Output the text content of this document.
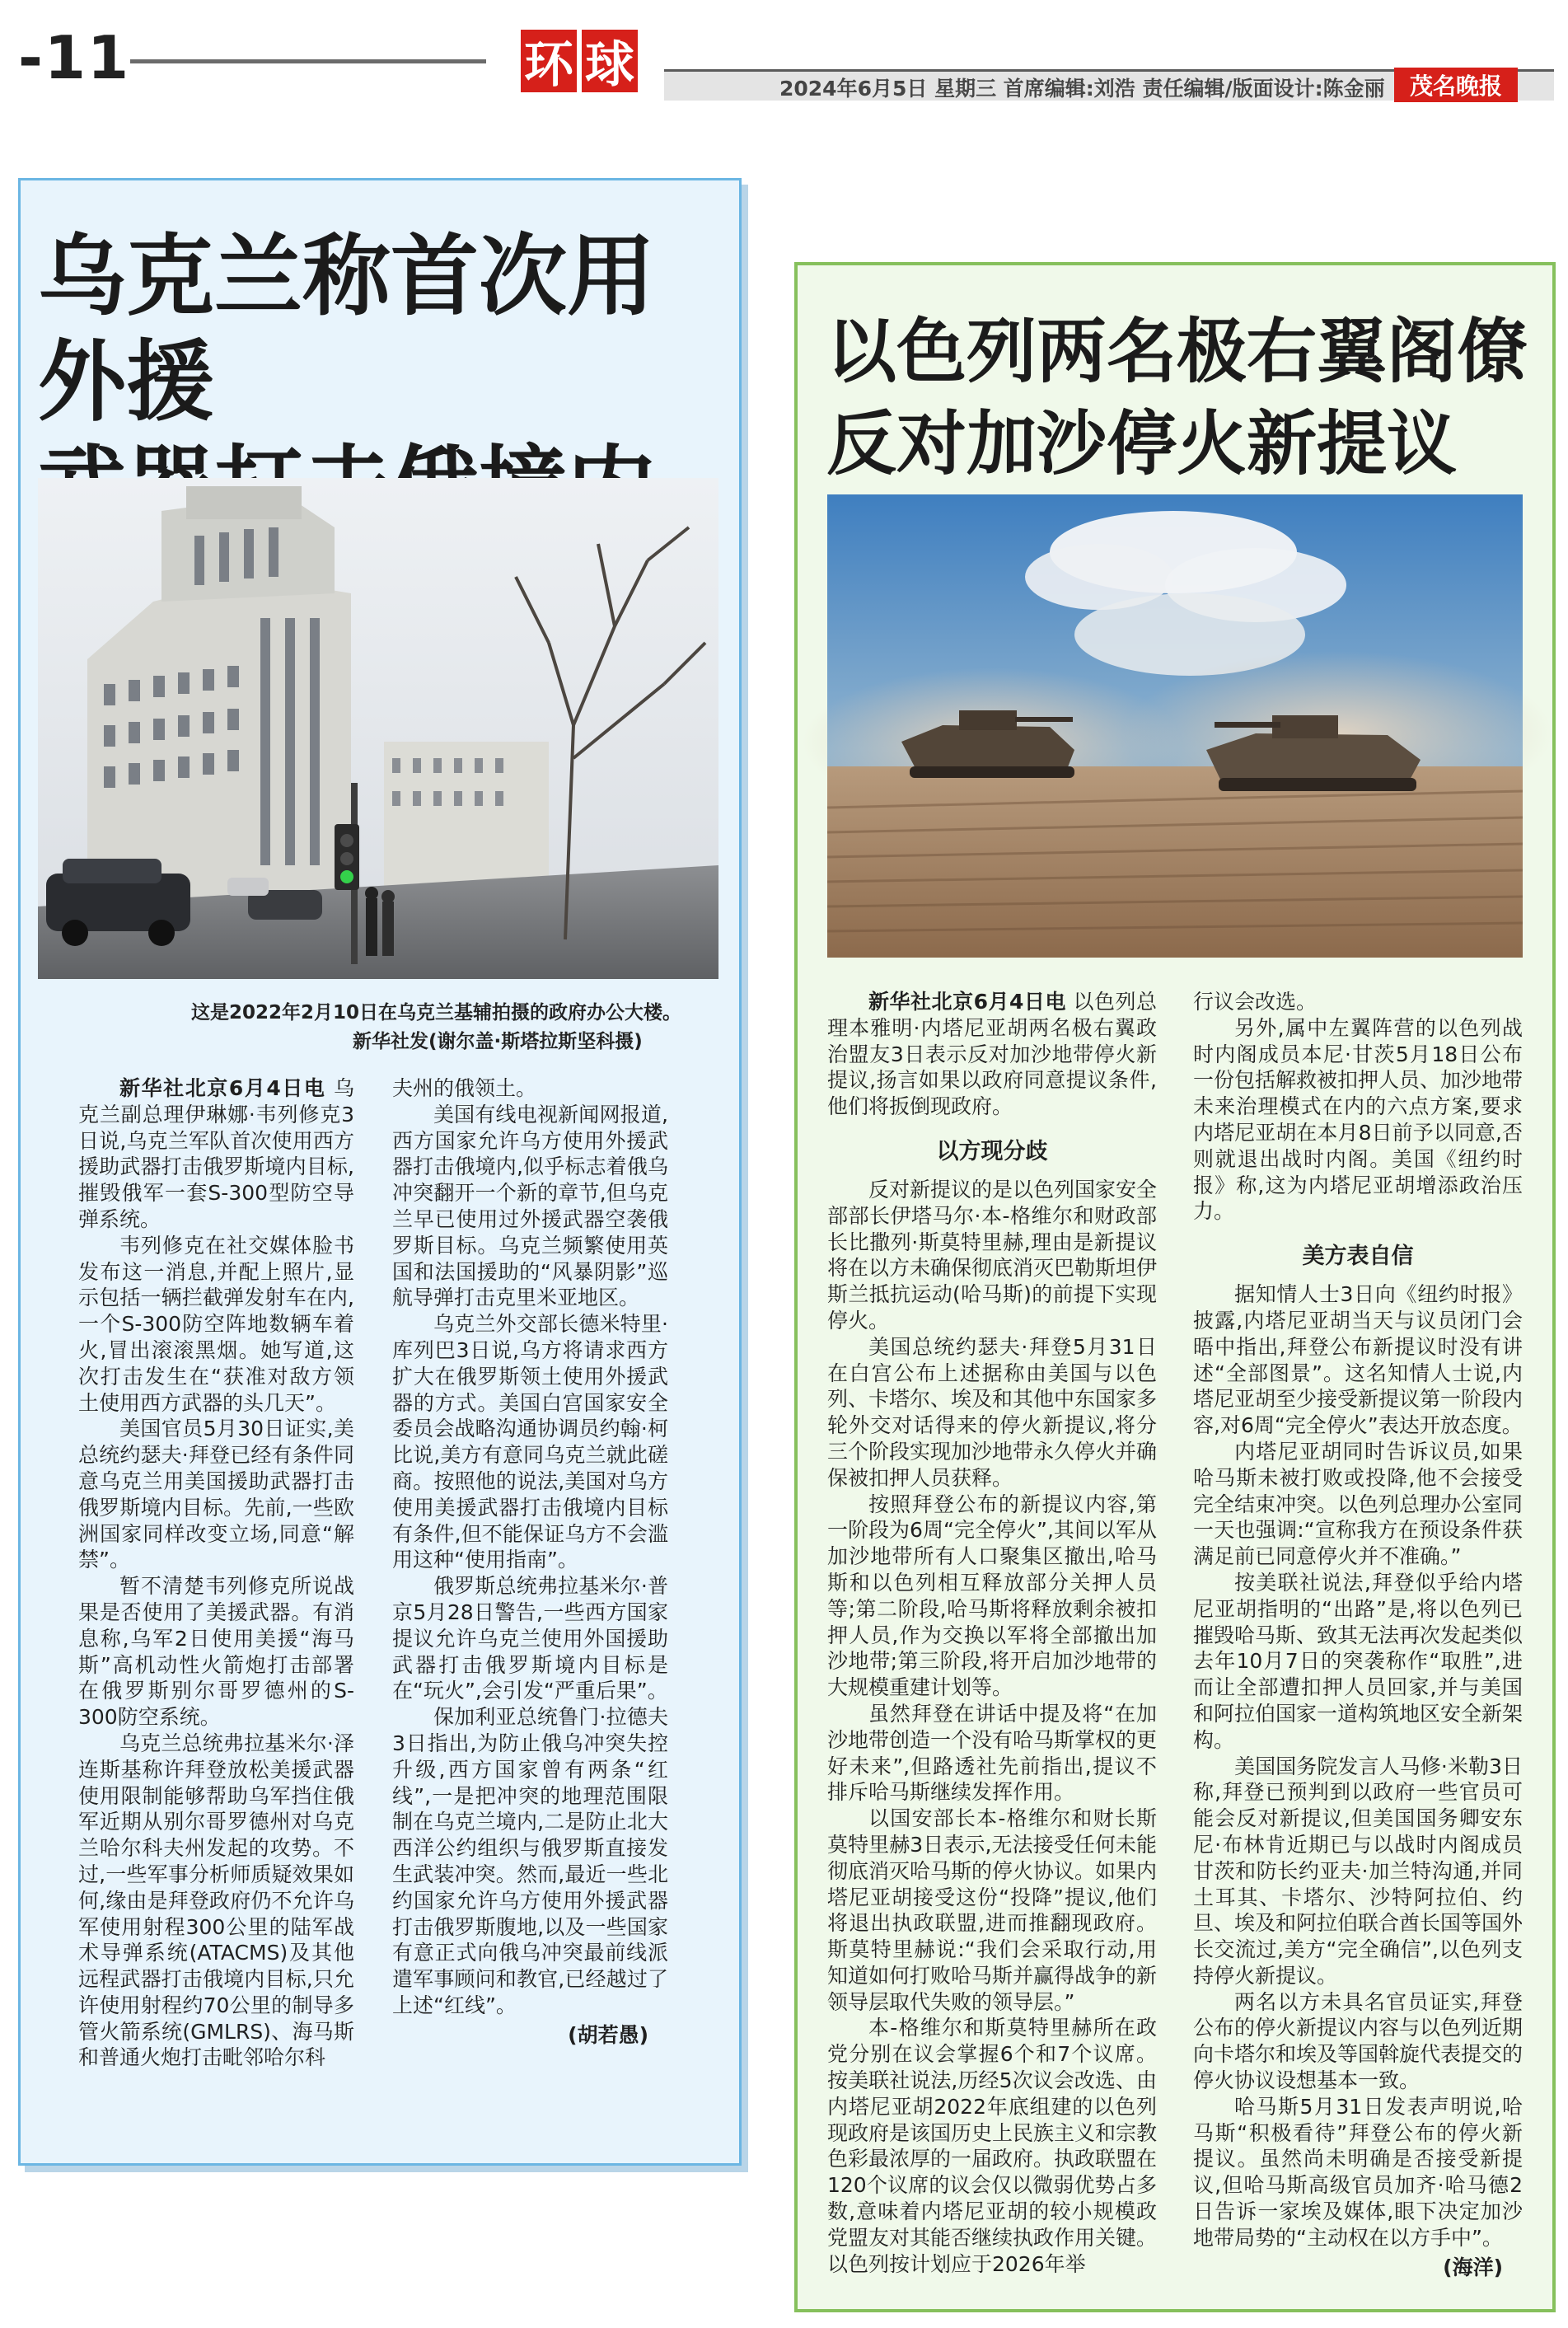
-11	环 球	2024年6月5日 星期三 首席编辑:刘浩 责任编辑/版面设计:陈金丽	茂名晚报
乌克兰称首次用外援

这是2022年2月10日在乌克兰基辅拍摄的政府办公大楼。
新华社发(谢尔盖·斯塔拉斯坚科摄)

新华社北京6月4日电 乌克兰副总理伊琳娜·韦列修克3日说,乌克兰军队首次使用西方援助武器打击俄罗斯境内目标,摧毁俄军一套S-300型防空导弹系统。

韦列修克在社交媒体脸书发布这一消息,并配上照片,显示包括一辆拦截弹发射车在内,一个S-300防空阵地数辆车着火,冒出滚滚黑烟。她写道,这次打击发生在“获准对敌方领土使用西方武器的头几天”。

美国官员5月30日证实,美总统约瑟夫·拜登已经有条件同意乌克兰用美国援助武器打击俄罗斯境内目标。先前,一些欧洲国家同样改变立场,同意“解禁”。

暂不清楚韦列修克所说战果是否使用了美援武器。有消息称,乌军2日使用美援“海马斯”高机动性火箭炮打击部署在俄罗斯别尔哥罗德州的S-300防空系统。

乌克兰总统弗拉基米尔·泽连斯基称许拜登放松美援武器使用限制能够帮助乌军挡住俄军近期从别尔哥罗德州对乌克兰哈尔科夫州发起的攻势。不过,一些军事分析师质疑效果如何,缘由是拜登政府仍不允许乌军使用射程300公里的陆军战术导弹系统(ATACMS)及其他远程武器打击俄境内目标,只允许使用射程约70公里的制导多管火箭系统(GMLRS)、海马斯和普通火炮打击毗邻哈尔科

夫州的俄领土。

美国有线电视新闻网报道,西方国家允许乌方使用外援武器打击俄境内,似乎标志着俄乌冲突翻开一个新的章节,但乌克兰早已使用过外援武器空袭俄罗斯目标。乌克兰频繁使用英国和法国援助的“风暴阴影”巡航导弹打击克里米亚地区。

乌克兰外交部长德米特里·库列巴3日说,乌方将请求西方扩大在俄罗斯领土使用外援武器的方式。美国白宫国家安全委员会战略沟通协调员约翰·柯比说,美方有意同乌克兰就此磋商。按照他的说法,美国对乌方使用美援武器打击俄境内目标有条件,但不能保证乌方不会滥用这种“使用指南”。

俄罗斯总统弗拉基米尔·普京5月28日警告,一些西方国家提议允许乌克兰使用外国援助武器打击俄罗斯境内目标是在“玩火”,会引发“严重后果”。

保加利亚总统鲁门·拉德夫3日指出,为防止俄乌冲突失控升级,西方国家曾有两条“红线”,一是把冲突的地理范围限制在乌克兰境内,二是防止北大西洋公约组织与俄罗斯直接发生武装冲突。然而,最近一些北约国家允许乌方使用外援武器打击俄罗斯腹地,以及一些国家有意正式向俄乌冲突最前线派遣军事顾问和教官,已经越过了上述“红线”。

(胡若愚)

以色列两名极右翼阁僚
反对加沙停火新提议

新华社北京6月4日电 以色列总理本雅明·内塔尼亚胡两名极右翼政治盟友3日表示反对加沙地带停火新提议,扬言如果以政府同意提议条件,他们将扳倒现政府。

以方现分歧

反对新提议的是以色列国家安全部部长伊塔马尔·本-格维尔和财政部长比撒列·斯莫特里赫,理由是新提议将在以方未确保彻底消灭巴勒斯坦伊斯兰抵抗运动(哈马斯)的前提下实现停火。

美国总统约瑟夫·拜登5月31日在白宫公布上述据称由美国与以色列、卡塔尔、埃及和其他中东国家多轮外交对话得来的停火新提议,将分三个阶段实现加沙地带永久停火并确保被扣押人员获释。

按照拜登公布的新提议内容,第一阶段为6周“完全停火”,其间以军从加沙地带所有人口聚集区撤出,哈马斯和以色列相互释放部分关押人员等;第二阶段,哈马斯将释放剩余被扣押人员,作为交换以军将全部撤出加沙地带;第三阶段,将开启加沙地带的大规模重建计划等。

虽然拜登在讲话中提及将“在加沙地带创造一个没有哈马斯掌权的更好未来”,但路透社先前指出,提议不排斥哈马斯继续发挥作用。

以国安部长本-格维尔和财长斯莫特里赫3日表示,无法接受任何未能彻底消灭哈马斯的停火协议。如果内塔尼亚胡接受这份“投降”提议,他们将退出执政联盟,进而推翻现政府。斯莫特里赫说:“我们会采取行动,用知道如何打败哈马斯并赢得战争的新领导层取代失败的领导层。”

本-格维尔和斯莫特里赫所在政党分别在议会掌握6个和7个议席。按美联社说法,历经5次议会改选、由内塔尼亚胡2022年底组建的以色列现政府是该国历史上民族主义和宗教色彩最浓厚的一届政府。执政联盟在120个议席的议会仅以微弱优势占多数,意味着内塔尼亚胡的较小规模政党盟友对其能否继续执政作用关键。以色列按计划应于2026年举

行议会改选。

另外,属中左翼阵营的以色列战时内阁成员本尼·甘茨5月18日公布一份包括解救被扣押人员、加沙地带未来治理模式在内的六点方案,要求内塔尼亚胡在本月8日前予以同意,否则就退出战时内阁。美国《纽约时报》称,这为内塔尼亚胡增添政治压力。

美方表自信

据知情人士3日向《纽约时报》披露,内塔尼亚胡当天与议员闭门会晤中指出,拜登公布新提议时没有讲述“全部图景”。这名知情人士说,内塔尼亚胡至少接受新提议第一阶段内容,对6周“完全停火”表达开放态度。

内塔尼亚胡同时告诉议员,如果哈马斯未被打败或投降,他不会接受完全结束冲突。以色列总理办公室同一天也强调:“宣称我方在预设条件获满足前已同意停火并不准确。”

按美联社说法,拜登似乎给内塔尼亚胡指明的“出路”是,将以色列已摧毁哈马斯、致其无法再次发起类似去年10月7日的突袭称作“取胜”,进而让全部遭扣押人员回家,并与美国和阿拉伯国家一道构筑地区安全新架构。

美国国务院发言人马修·米勒3日称,拜登已预判到以政府一些官员可能会反对新提议,但美国国务卿安东尼·布林肯近期已与以战时内阁成员甘茨和防长约亚夫·加兰特沟通,并同土耳其、卡塔尔、沙特阿拉伯、约旦、埃及和阿拉伯联合酋长国等国外长交流过,美方“完全确信”,以色列支持停火新提议。

两名以方未具名官员证实,拜登公布的停火新提议内容与以色列近期向卡塔尔和埃及等国斡旋代表提交的停火协议设想基本一致。

哈马斯5月31日发表声明说,哈马斯“积极看待”拜登公布的停火新提议。虽然尚未明确是否接受新提议,但哈马斯高级官员加齐·哈马德2日告诉一家埃及媒体,眼下决定加沙地带局势的“主动权在以方手中”。

(海洋)
